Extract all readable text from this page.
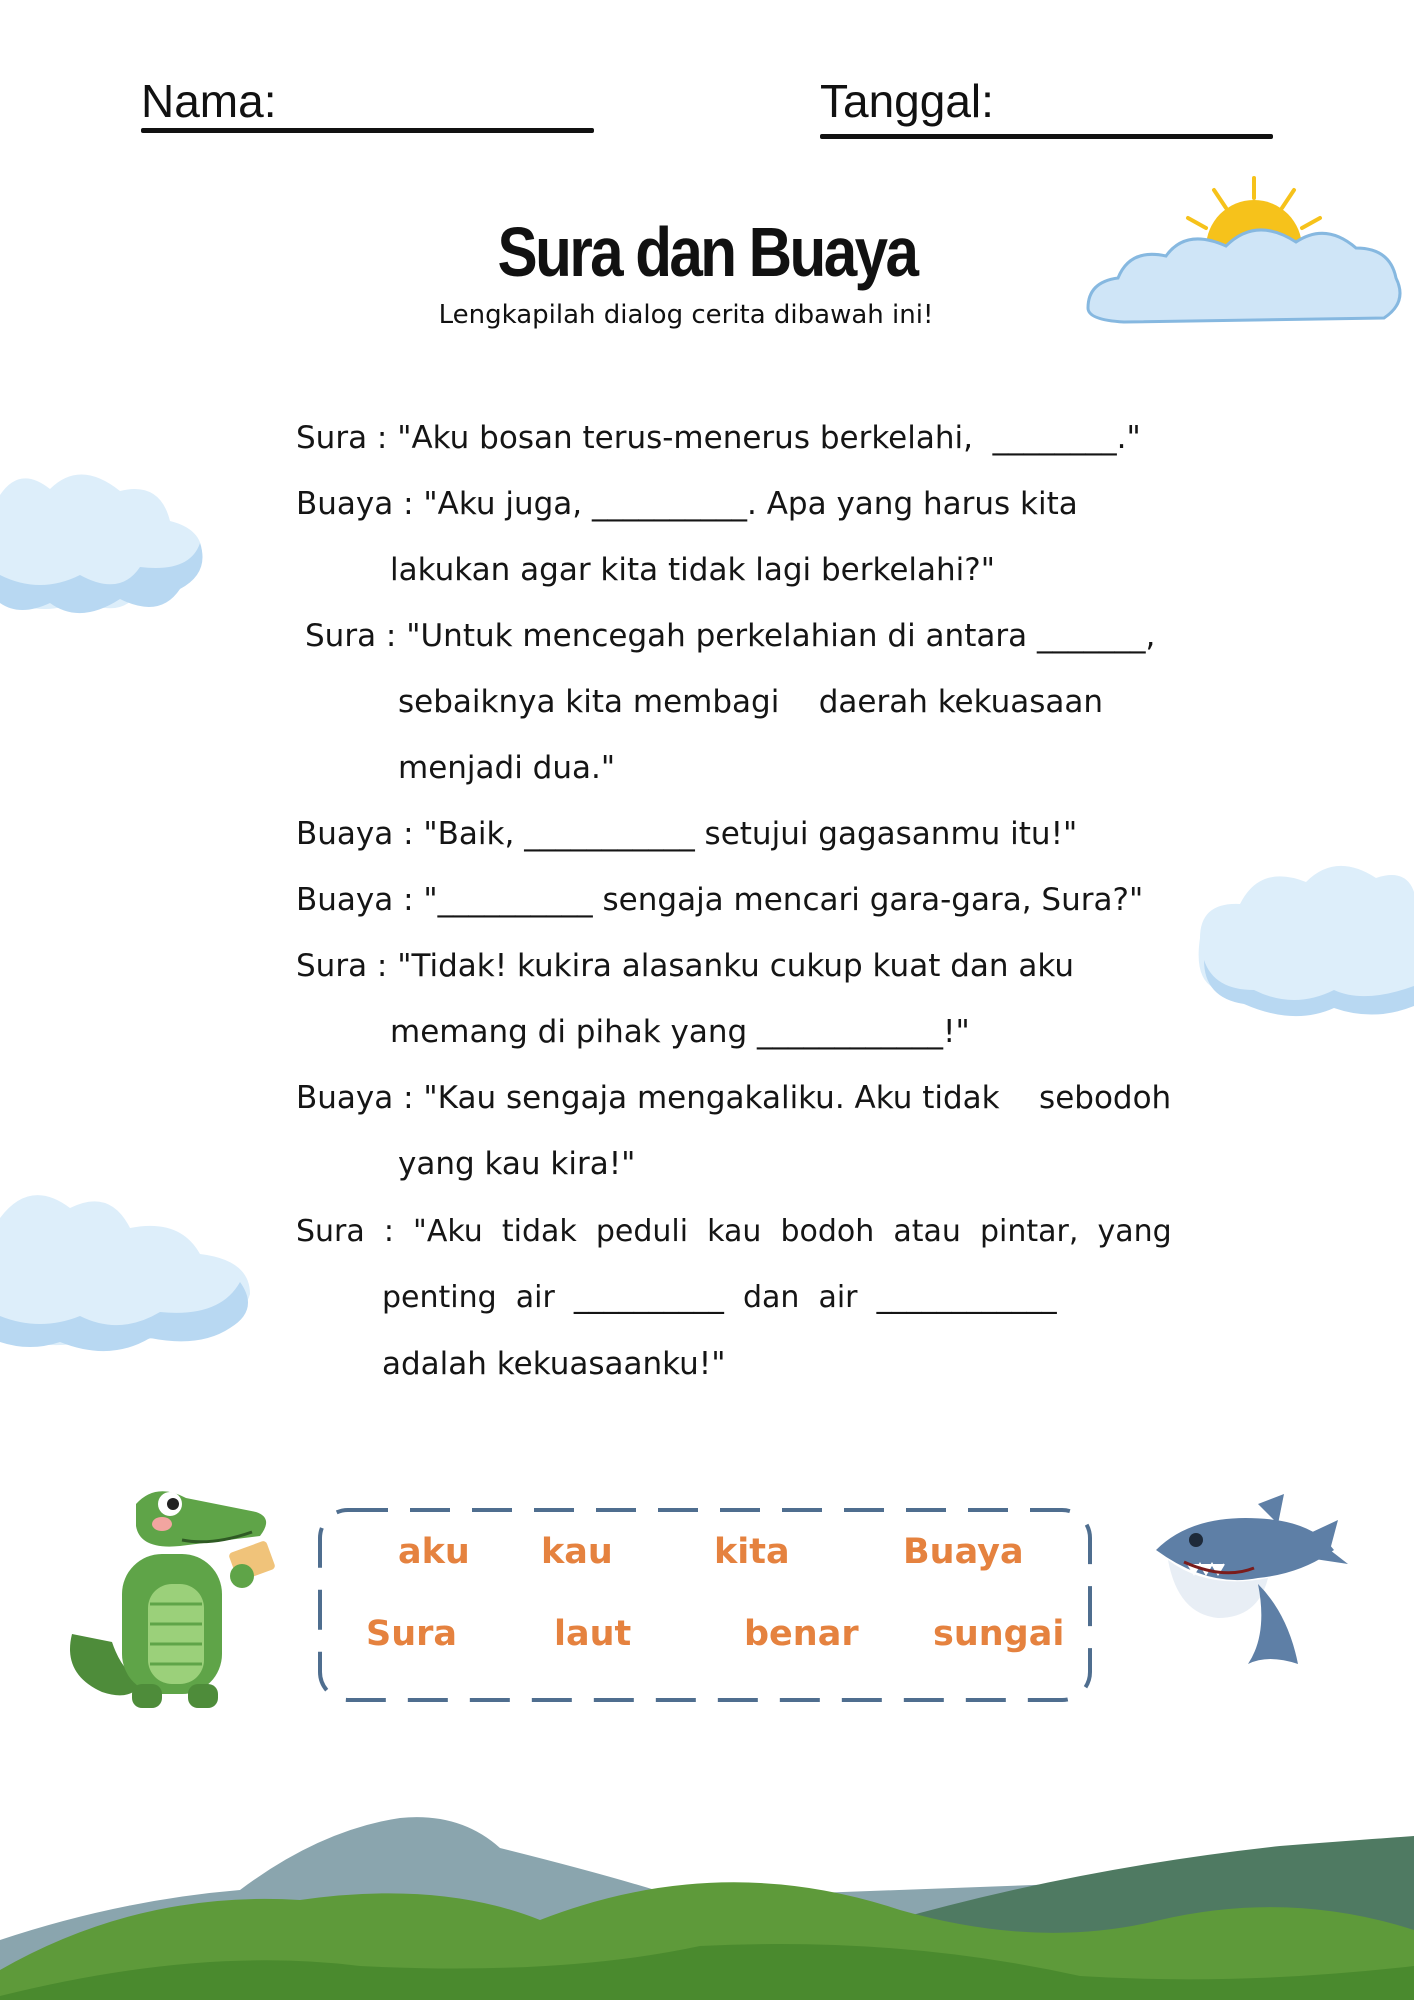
Nama:	Tanggal:
Sura dan Buaya
Lengkapilah dialog cerita dibawah ini!
Sura : "Aku bosan terus-menerus berkelahi,  ________."
Buaya : "Aku juga, __________. Apa yang harus kita
lakukan agar kita tidak lagi berkelahi?"
Sura : "Untuk mencegah perkelahian di antara _______,
sebaiknya kita membagi    daerah kekuasaan
menjadi dua."
Buaya : "Baik, ___________ setujui gagasanmu itu!"
Buaya : "__________ sengaja mencari gara-gara, Sura?"
Sura : "Tidak! kukira alasanku cukup kuat dan aku
memang di pihak yang ____________!"
Buaya : "Kau sengaja mengakaliku. Aku tidak    sebodoh
yang kau kira!"
Sura  :  "Aku  tidak  peduli  kau  bodoh  atau  pintar,  yang
penting  air  __________  dan  air  ____________
adalah kekuasaanku!"
aku kau	kita	Buaya
Sura	laut	benar sungai
